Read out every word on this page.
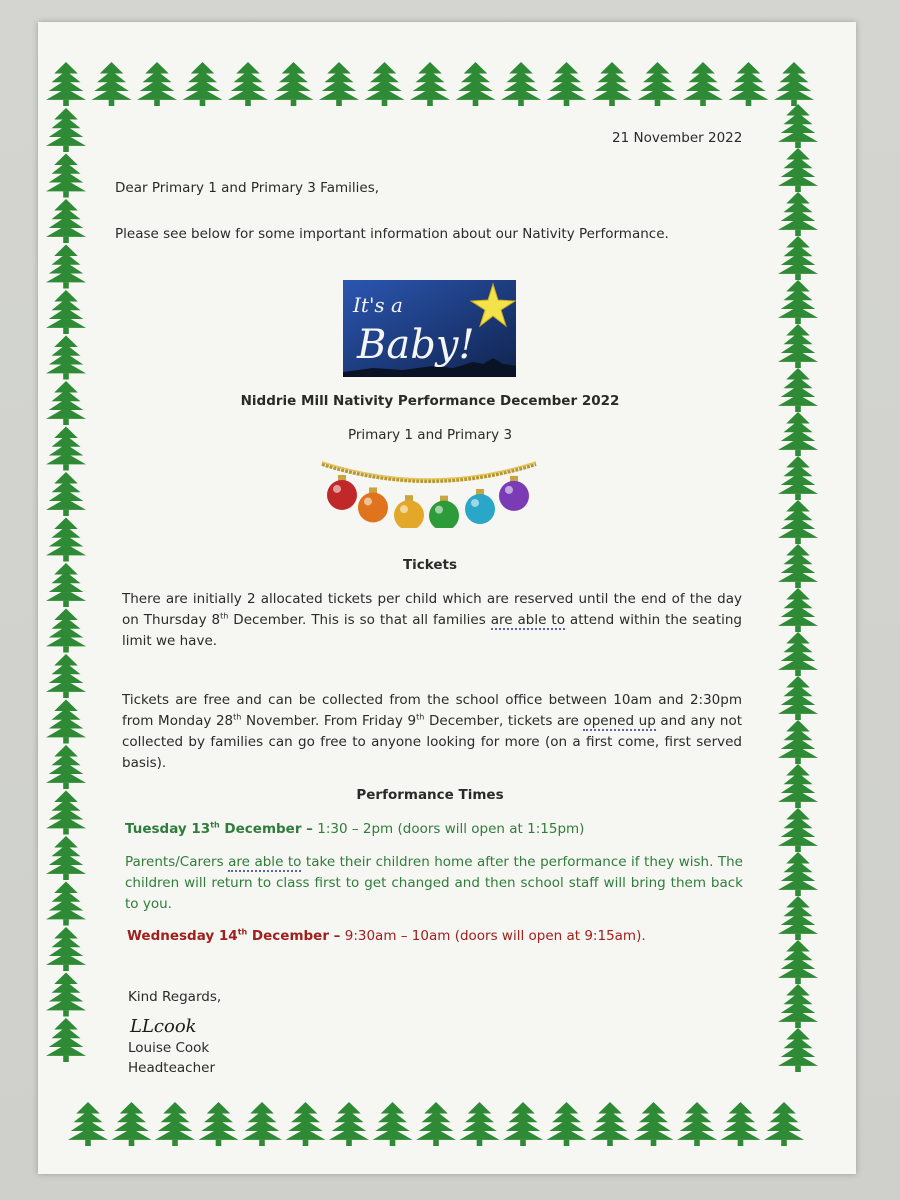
21 November 2022
Dear Primary 1 and Primary 3 Families,
Please see below for some important information about our Nativity Performance.
It's a
Baby!
Niddrie Mill Nativity Performance December 2022
Primary 1 and Primary 3
Tickets
There are initially 2 allocated tickets per child which are reserved until the end of the day on Thursday 8th December. This is so that all families are able to attend within the seating limit we have.
Tickets are free and can be collected from the school office between 10am and 2:30pm from Monday 28th November. From Friday 9th December, tickets are opened up and any not collected by families can go free to anyone looking for more (on a first come, first served basis).
Performance Times
Tuesday 13th December – 1:30 – 2pm (doors will open at 1:15pm)
Parents/Carers are able to take their children home after the performance if they wish. The children will return to class first to get changed and then school staff will bring them back to you.
Wednesday 14th December – 9:30am – 10am (doors will open at 9:15am).
Kind Regards,
LLcook
Louise Cook
Headteacher
